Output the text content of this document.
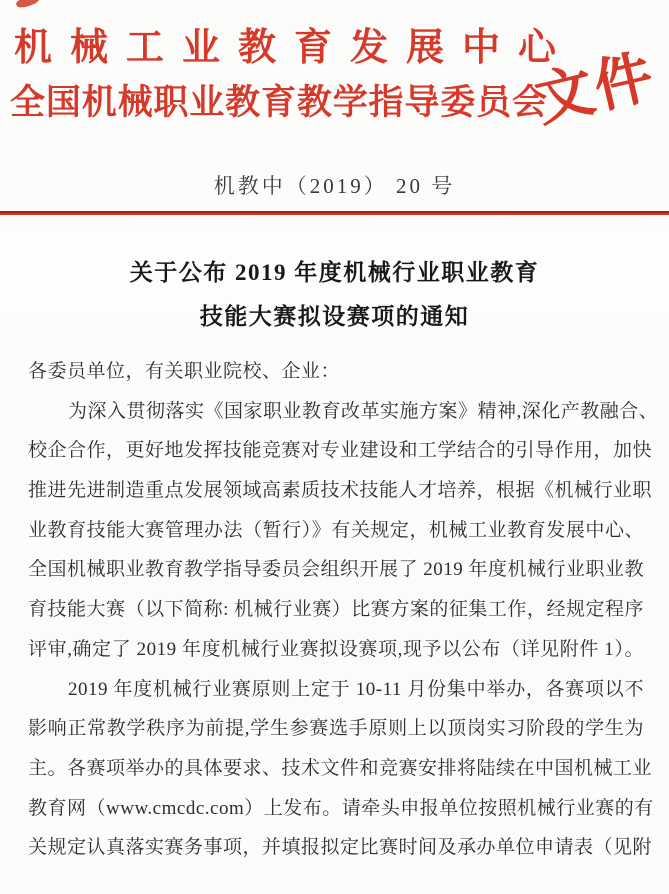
机械工业教育发展中心
全国机械职业教育教学指导委员会
文件
机教中（2019） 20 号
关于公布 2019 年度机械行业职业教育
技能大赛拟设赛项的通知
各委员单位，有关职业院校、企业：
为深入贯彻落实《国家职业教育改革实施方案》精神,深化产教融合、
校企合作，更好地发挥技能竞赛对专业建设和工学结合的引导作用，加快
推进先进制造重点发展领域高素质技术技能人才培养，根据《机械行业职
业教育技能大赛管理办法（暂行）》有关规定，机械工业教育发展中心、
全国机械职业教育教学指导委员会组织开展了 2019 年度机械行业职业教
育技能大赛（以下简称: 机械行业赛）比赛方案的征集工作，经规定程序
评审,确定了 2019 年度机械行业赛拟设赛项,现予以公布（详见附件 1）。
2019 年度机械行业赛原则上定于 10-11 月份集中举办，各赛项以不
影响正常教学秩序为前提,学生参赛选手原则上以顶岗实习阶段的学生为
主。各赛项举办的具体要求、技术文件和竞赛安排将陆续在中国机械工业
教育网（www.cmcdc.com）上发布。请牵头申报单位按照机械行业赛的有
关规定认真落实赛务事项，并填报拟定比赛时间及承办单位申请表（见附
